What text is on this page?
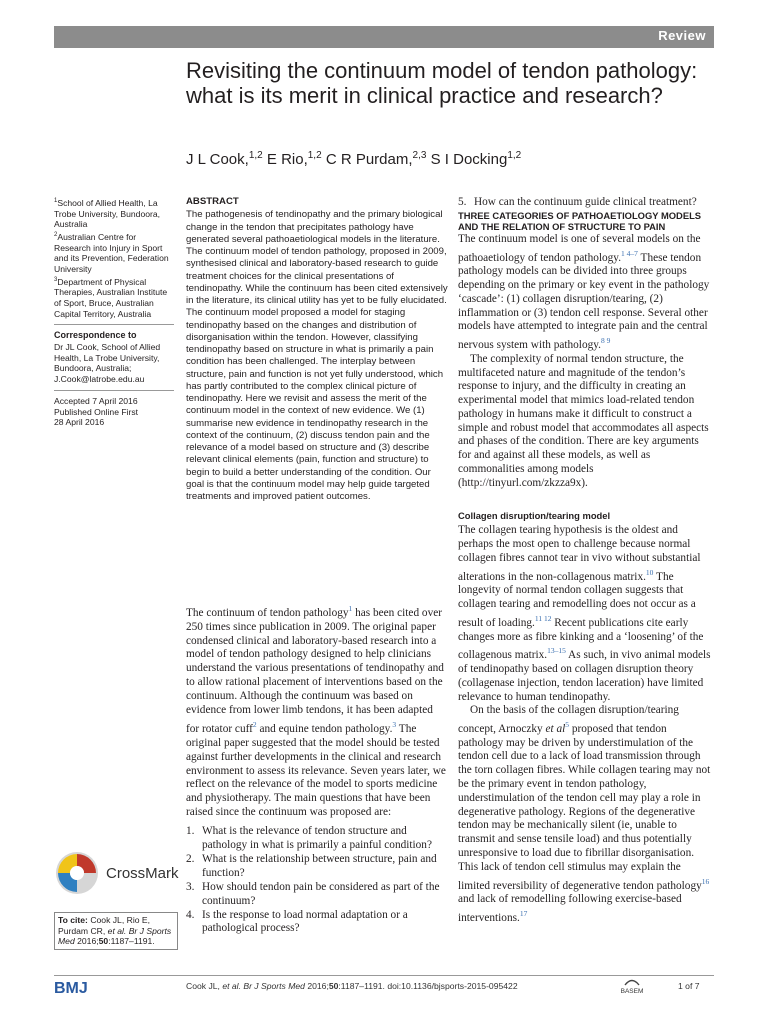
Review
Revisiting the continuum model of tendon pathology: what is its merit in clinical practice and research?
J L Cook,$^{1,2}$ E Rio,$^{1,2}$ C R Purdam,$^{2,3}$ S I Docking$^{1,2}$

$^1$School of Allied Health, La Trobe University, Bundoora, Australia

$^2$Australian Centre for Research into Injury in Sport and its Prevention, Federation University

$^3$Department of Physical Therapies, Australian Institute of Sport, Bruce, Australian Capital Territory, Australia

Correspondence to

Dr JL Cook, School of Allied Health, La Trobe University, Bundoora, Australia;

J.Cook@latrobe.edu.au

Accepted 7 April 2016

Published Online First

28 April 2016

ABSTRACT

The pathogenesis of tendinopathy and the primary biological change in the tendon that precipitates pathology have generated several pathoaetiological models in the literature. The continuum model of tendon pathology, proposed in 2009, synthesised clinical and laboratory-based research to guide treatment choices for the clinical presentations of tendinopathy. While the continuum has been cited extensively in the literature, its clinical utility has yet to be fully elucidated. The continuum model proposed a model for staging tendinopathy based on the changes and distribution of disorganisation within the tendon. However, classifying tendinopathy based on structure in what is primarily a pain condition has been challenged. The interplay between structure, pain and function is not yet fully understood, which has partly contributed to the complex clinical picture of tendinopathy. Here we revisit and assess the merit of the continuum model in the context of new evidence. We (1) summarise new evidence in tendinopathy research in the context of the continuum, (2) discuss tendon pain and the relevance of a model based on structure and (3) describe relevant clinical elements (pain, function and structure) to begin to build a better understanding of the condition. Our goal is that the continuum model may help guide targeted treatments and improved patient outcomes.

The continuum of tendon pathology$^1$ has been cited over 250 times since publication in 2009. The original paper condensed clinical and laboratory-based research into a model of tendon pathology designed to help clinicians understand the various presentations of tendinopathy and to allow rational placement of interventions based on the continuum. Although the continuum was based on evidence from lower limb tendons, it has been adapted for rotator cuff$^2$ and equine tendon pathology.$^3$ The original paper suggested that the model should be tested against further developments in the clinical and research environment to assess its relevance. Seven years later, we reflect on the relevance of the model to sports medicine and physiotherapy. The main questions that have been raised since the continuum was proposed are:

1. What is the relevance of tendon structure and pathology in what is primarily a painful condition?
2. What is the relationship between structure, pain and function?
3. How should tendon pain be considered as part of the continuum?
4. Is the response to load normal adaptation or a pathological process?

5. How can the continuum guide clinical treatment?

THREE CATEGORIES OF PATHOAETIOLOGY MODELS AND THE RELATION OF STRUCTURE TO PAIN

The continuum model is one of several models on the pathoaetiology of tendon pathology.$^{1 4-7}$ These tendon pathology models can be divided into three groups depending on the primary or key event in the pathology ‘cascade’: (1) collagen disruption/tearing, (2) inflammation or (3) tendon cell response. Several other models have attempted to integrate pain and the central nervous system with pathology.$^{8 9}$

The complexity of normal tendon structure, the multifaceted nature and magnitude of the tendon’s response to injury, and the difficulty in creating an experimental model that mimics load-related tendon pathology in humans make it difficult to construct a simple and robust model that accommodates all aspects and phases of the condition. There are key arguments for and against all these models, as well as commonalities among models (http://tinyurl.com/zkzza9x).

Collagen disruption/tearing model

The collagen tearing hypothesis is the oldest and perhaps the most open to challenge because normal collagen fibres cannot tear in vivo without substantial alterations in the non-collagenous matrix.$^{10}$ The longevity of normal tendon collagen suggests that collagen tearing and remodelling does not occur as a result of loading.$^{11 12}$ Recent publications cite early changes more as fibre kinking and a ‘loosening’ of the collagenous matrix.$^{13-15}$ As such, in vivo animal models of tendinopathy based on collagen disruption theory (collagenase injection, tendon laceration) have limited relevance to human tendinopathy.

On the basis of the collagen disruption/tearing concept, Arnoczky et al$^5$ proposed that tendon pathology may be driven by understimulation of the tendon cell due to a lack of load transmission through the torn collagen fibres. While collagen tearing may not be the primary event in tendon pathology, understimulation of the tendon cell may play a role in degenerative pathology. Regions of the degenerative tendon may be mechanically silent (ie, unable to transmit and sense tensile load) and thus potentially unresponsive to load due to fibrillar disorganisation. This lack of tendon cell stimulus may explain the limited reversibility of degenerative tendon pathology$^{16}$ and lack of remodelling following exercise-based interventions.$^{17}$

CrossMark
To cite: Cook JL, Rio E, Purdam CR, et al. Br J Sports Med 2016;50:1187–1191.
BMJ	Cook JL, et al. Br J Sports Med 2016;50:1187–1191. doi:10.1136/bjsports-2015-095422
BASEM
1 of 7
